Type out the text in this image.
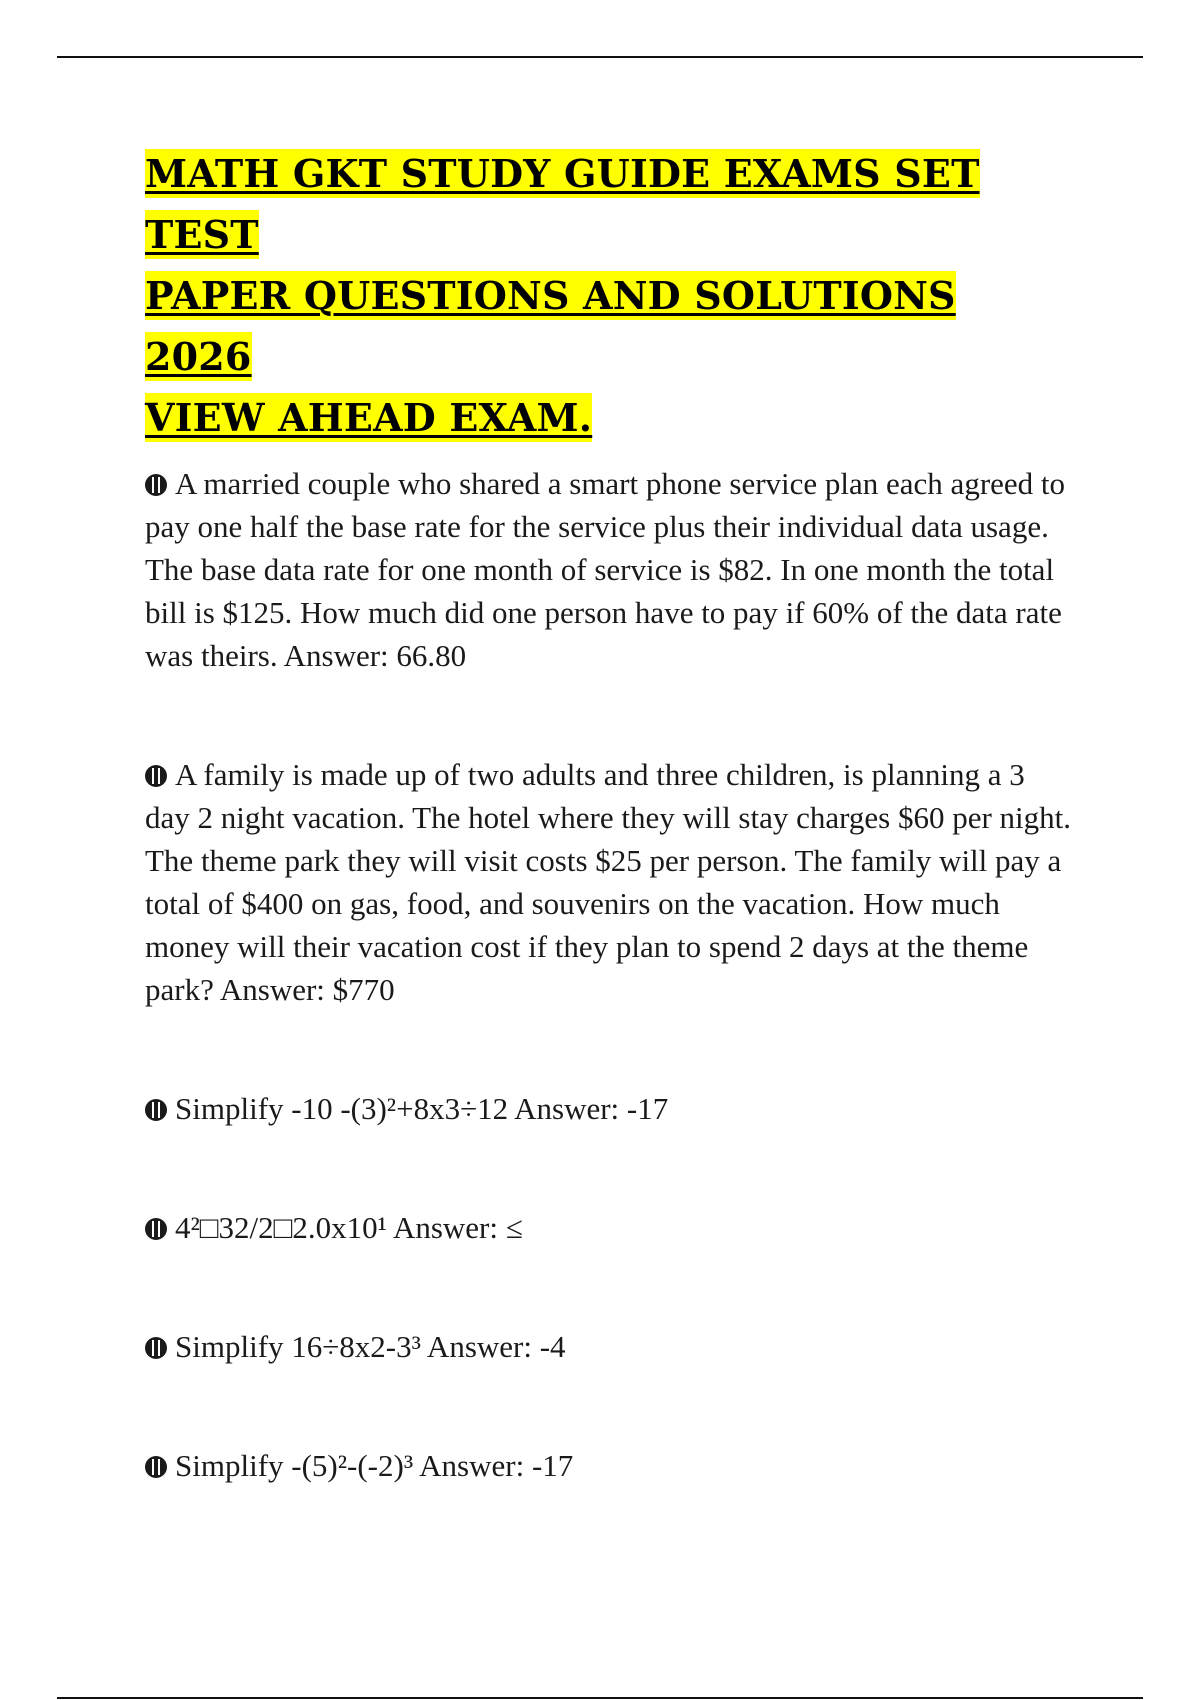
MATH GKT STUDY GUIDE EXAMS SET TEST
PAPER QUESTIONS AND SOLUTIONS 2026
VIEW AHEAD EXAM.

A married couple who shared a smart phone service plan each agreed to pay one half the base rate for the service plus their individual data usage. The base data rate for one month of service is $82. In one month the total bill is $125. How much did one person have to pay if 60% of the data rate was theirs. Answer: 66.80

A family is made up of two adults and three children, is planning a 3 day 2 night vacation. The hotel where they will stay charges $60 per night. The theme park they will visit costs $25 per person. The family will pay a total of $400 on gas, food, and souvenirs on the vacation. How much money will their vacation cost if they plan to spend 2 days at the theme park? Answer: $770

Simplify -10 -(3)²+8x3÷12 Answer: -17

4²□32/2□2.0x10¹ Answer: ≤

Simplify 16÷8x2-3³ Answer: -4

Simplify -(5)²-(-2)³ Answer: -17
